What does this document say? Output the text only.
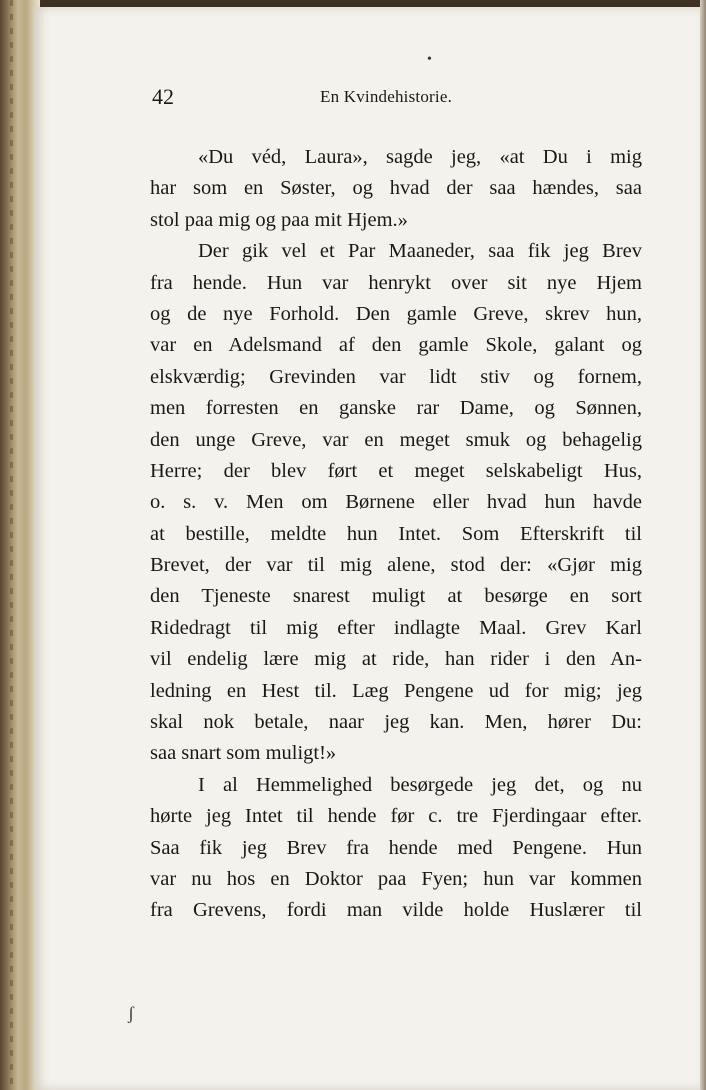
•
42	En Kvindehistorie.
«Du véd, Laura», sagde jeg, «at Du i mig
har som en Søster, og hvad der saa hændes, saa
stol paa mig og paa mit Hjem.»
Der gik vel et Par Maaneder, saa fik jeg Brev
fra hende. Hun var henrykt over sit nye Hjem
og de nye Forhold. Den gamle Greve, skrev hun,
var en Adelsmand af den gamle Skole, galant og
elskværdig; Grevinden var lidt stiv og fornem,
men forresten en ganske rar Dame, og Sønnen,
den unge Greve, var en meget smuk og behagelig
Herre; der blev ført et meget selskabeligt Hus,
o. s. v. Men om Børnene eller hvad hun havde
at bestille, meldte hun Intet. Som Efterskrift til
Brevet, der var til mig alene, stod der: «Gjør mig
den Tjeneste snarest muligt at besørge en sort
Ridedragt til mig efter indlagte Maal. Grev Karl
vil endelig lære mig at ride, han rider i den An-
ledning en Hest til. Læg Pengene ud for mig; jeg
skal nok betale, naar jeg kan. Men, hører Du:
saa snart som muligt!»
I al Hemmelighed besørgede jeg det, og nu
hørte jeg Intet til hende før c. tre Fjerdingaar efter.
Saa fik jeg Brev fra hende med Pengene. Hun
var nu hos en Doktor paa Fyen; hun var kommen
fra Grevens, fordi man vilde holde Huslærer til
ʃ
